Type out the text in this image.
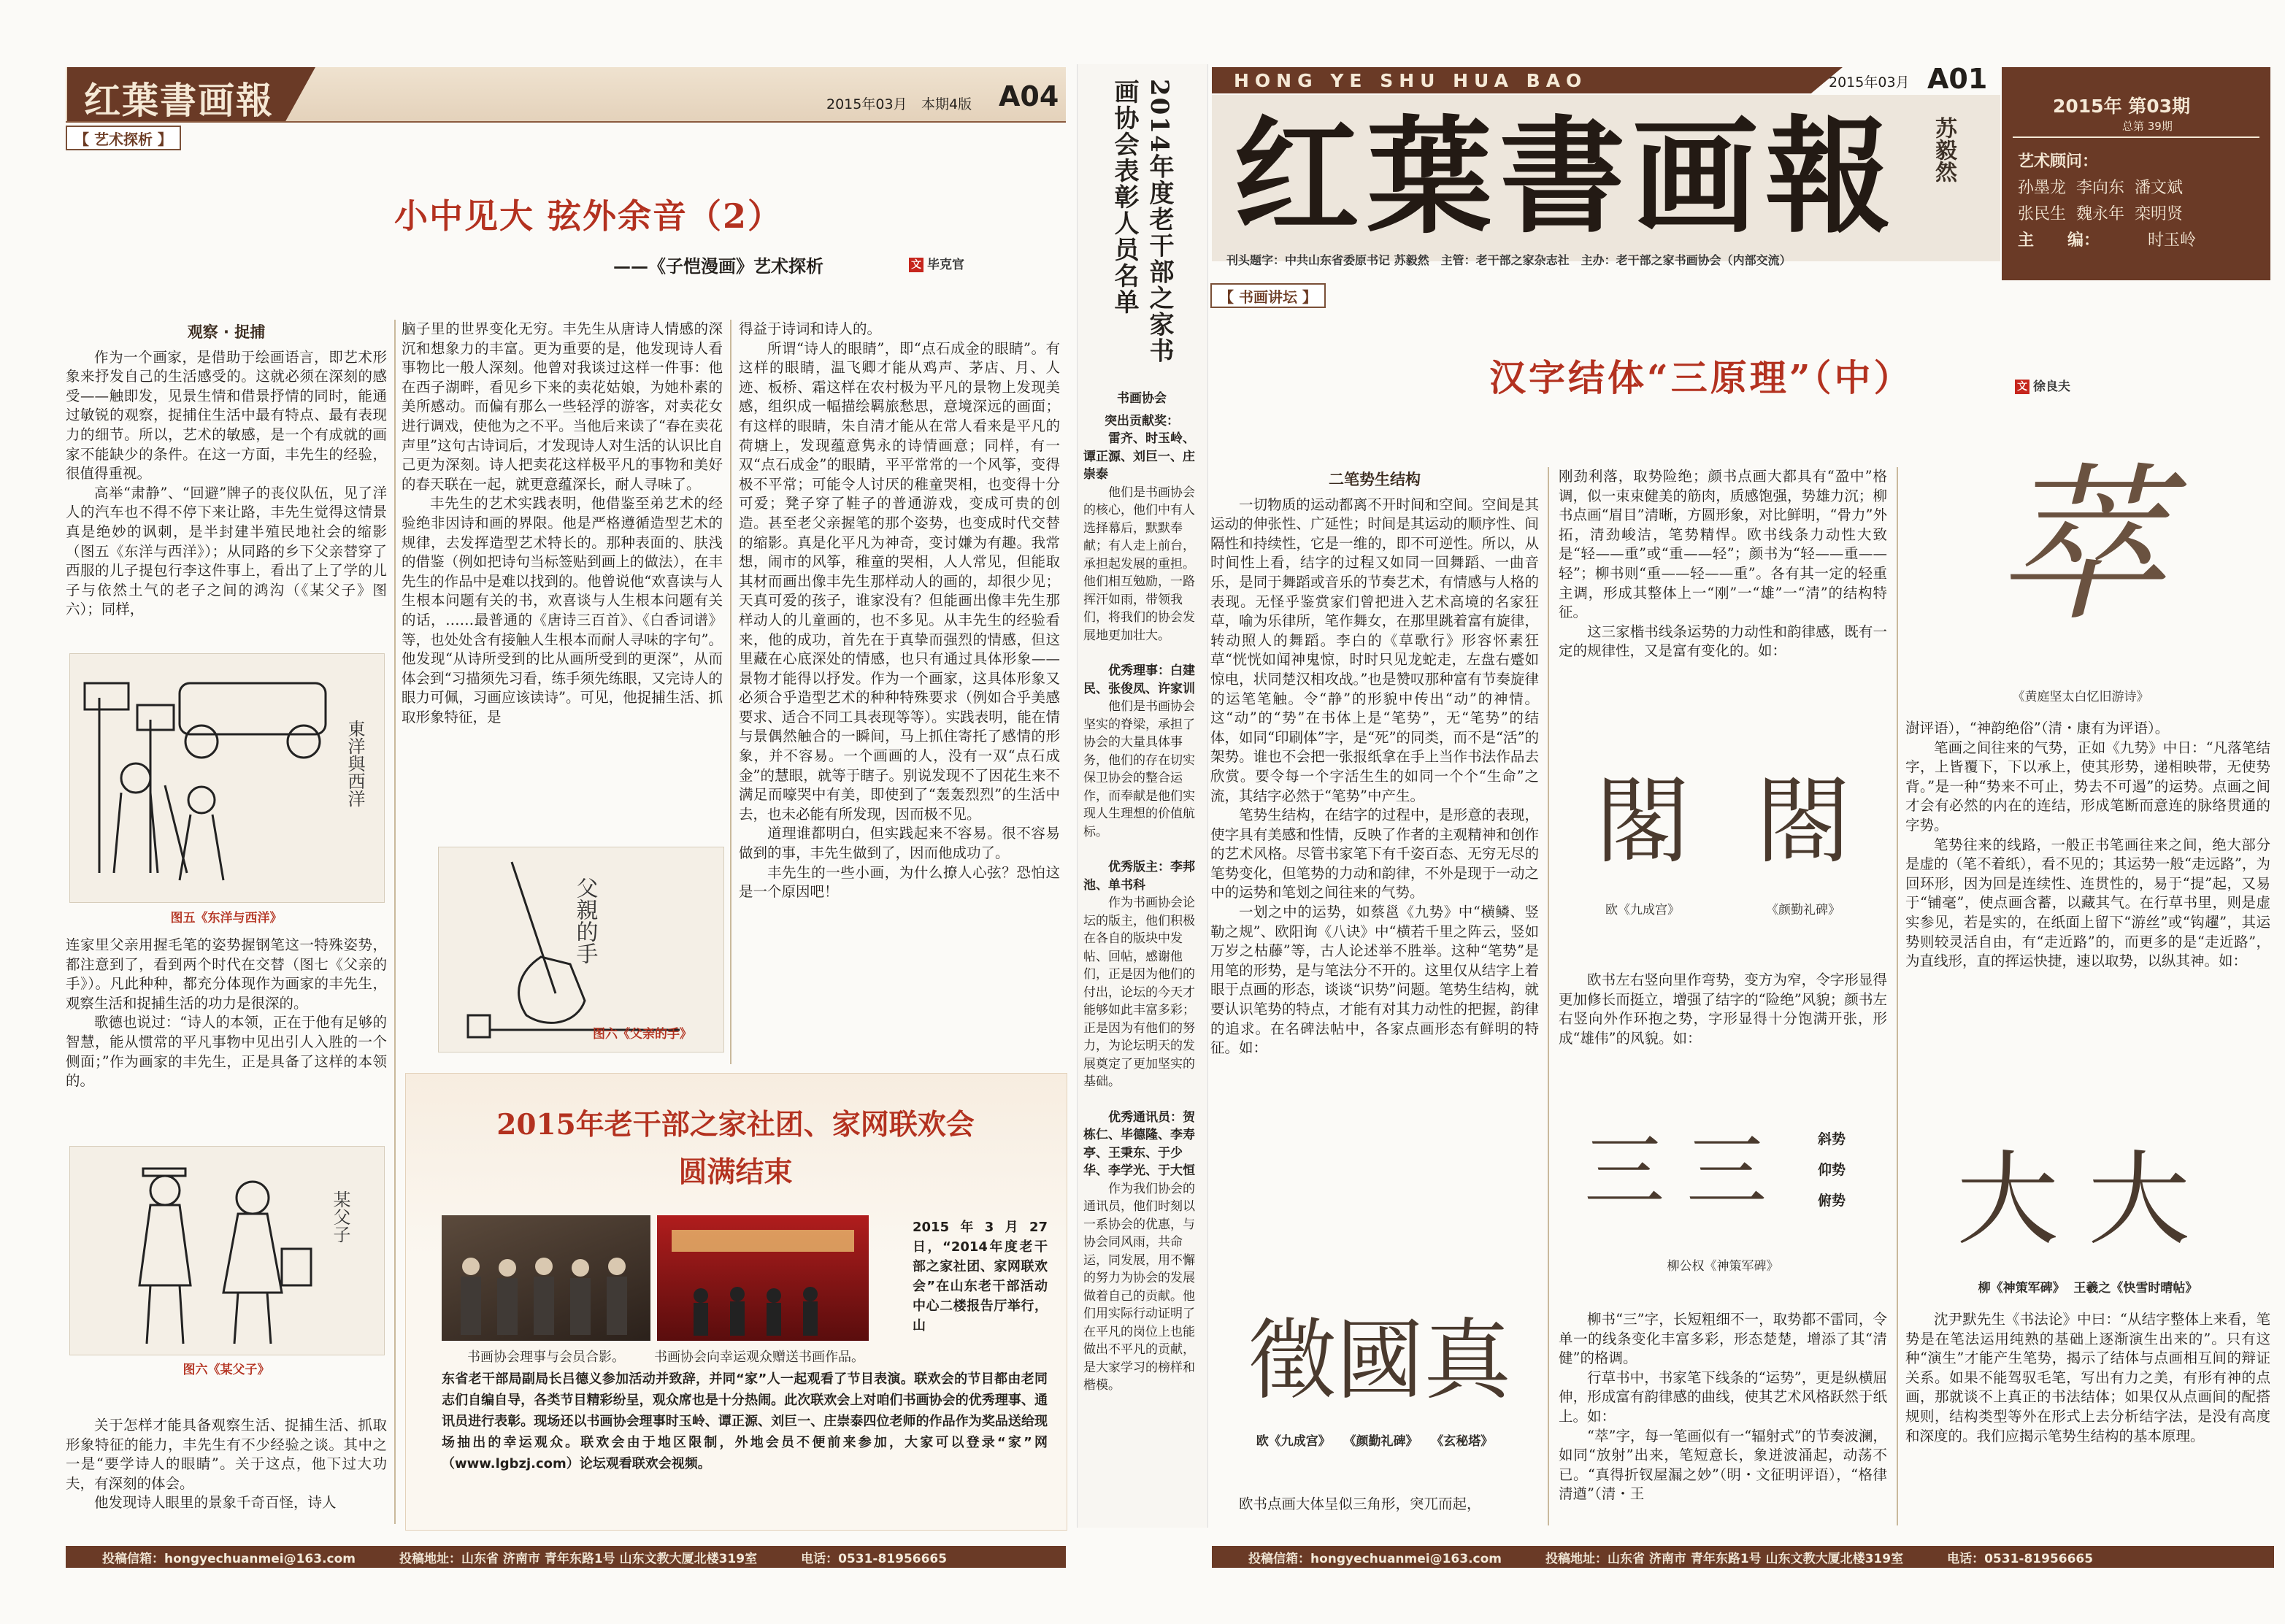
红葉書画報	2015年03月 本期4版 A04
【 艺术探析 】
小中见大 弦外余音（2）
——《子恺漫画》艺术探析	文 毕克官
观察 · 捉捕

作为一个画家，是借助于绘画语言，即艺术形象来抒发自己的生活感受的。这就必须在深刻的感受——触即发，见景生情和借景抒情的同时，能通过敏锐的观察，捉捕住生活中最有特点、最有表现力的细节。所以，艺术的敏感，是一个有成就的画家不能缺少的条件。在这一方面，丰先生的经验，很值得重视。

高举“肃静”、“回避”牌子的丧仪队伍，见了洋人的汽车也不得不停下来让路，丰先生觉得这情景真是绝妙的讽刺，是半封建半殖民地社会的缩影（图五《东洋与西洋》）；从同路的乡下父亲替穿了西服的儿子提包行李这件事上，看出了上了学的儿子与依然土气的老子之间的鸿沟（《某父子》图六）；同样，

東洋與西洋
图五《东洋与西洋》

连家里父亲用握毛笔的姿势握钢笔这一特殊姿势，都注意到了，看到两个时代在交替（图七《父亲的手》）。凡此种种，都充分体现作为画家的丰先生，观察生活和捉捕生活的功力是很深的。

歌德也说过：“诗人的本领，正在于他有足够的智慧，能从惯常的平凡事物中见出引人入胜的一个侧面；”作为画家的丰先生，正是具备了这样的本领的。

某父子
图六《某父子》

关于怎样才能具备观察生活、捉捕生活、抓取形象特征的能力，丰先生有不少经验之谈。其中之一是“要学诗人的眼睛”。关于这点，他下过大功夫，有深刻的体会。

他发现诗人眼里的景象千奇百怪，诗人

脑子里的世界变化无穷。丰先生从唐诗人情感的深沉和想象力的丰富。更为重要的是，他发现诗人看事物比一般人深刻。他曾对我谈过这样一件事：他在西子湖畔，看见乡下来的卖花姑娘，为她朴素的美所感动。而偏有那么一些轻浮的游客，对卖花女进行调戏，使他为之不平。当他后来读了“春在卖花声里”这句古诗词后，才发现诗人对生活的认识比自己更为深刻。诗人把卖花这样极平凡的事物和美好的春天联在一起，就更意蕴深长，耐人寻味了。

丰先生的艺术实践表明，他借鉴至弟艺术的经验绝非因诗和画的界限。他是严格遵循造型艺术的规律，去发挥造型艺术特长的。那种表面的、肤浅的借鉴（例如把诗句当标签贴到画上的做法），在丰先生的作品中是难以找到的。他曾说他“欢喜读与人生根本问题有关的书，欢喜谈与人生根本问题有关的话，……最普通的《唐诗三百首》、《白香词谱》等，也处处含有接触人生根本而耐人寻味的字句”。他发现“从诗所受到的比从画所受到的更深”，从而体会到“习描须先习看，练手须先练眼，又完诗人的眼力可佩，习画应该读诗”。可见，他捉捕生活、抓取形象特征，是

父親的手
图六《父亲的手》

得益于诗词和诗人的。

所谓“诗人的眼睛”，即“点石成金的眼睛”。有这样的眼睛，温飞卿才能从鸡声、茅店、月、人迹、板桥、霜这样在农村极为平凡的景物上发现美感，组织成一幅描绘羁旅愁思，意境深远的画面；有这样的眼睛，朱自清才能从在常人看来是平凡的荷塘上，发现蕴意隽永的诗情画意；同样，有一双“点石成金”的眼睛，平平常常的一个风筝，变得极不平常；可能令人讨厌的稚童哭相，也变得十分可爱；凳子穿了鞋子的普通游戏，变成可贵的创造。甚至老父亲握笔的那个姿势，也变成时代交替的缩影。真是化平凡为神奇，变讨嫌为有趣。我常想，闹市的风筝，稚童的哭相，人人常见，但能取其材而画出像丰先生那样动人的画的，却很少见；天真可爱的孩子，谁家没有？但能画出像丰先生那样动人的儿童画的，也不多见。从丰先生的经验看来，他的成功，首先在于真挚而强烈的情感，但这里藏在心底深处的情感，也只有通过具体形象——景物才能得以抒发。作为一个画家，这具体形象又必须合乎造型艺术的种种特殊要求（例如合乎美感要求、适合不同工具表现等等）。实践表明，能在情与景偶然触合的一瞬间，马上抓住寄托了感情的形象，并不容易。一个画画的人，没有一双“点石成金”的慧眼，就等于瞎子。别说发现不了因花生来不满足而嚎哭中有美，即使到了“轰轰烈烈”的生活中去，也未必能有所发现，因而极不见。

道理谁都明白，但实践起来不容易。很不容易做到的事，丰先生做到了，因而他成功了。

丰先生的一些小画，为什么撩人心弦？恐怕这是一个原因吧！

2015年老干部之家社团、家网联欢会
圆满结束
书画协会理事与会员合影。	书画协会向幸运观众赠送书画作品。
2015年3月27日，“2014年度老干部之家社团、家网联欢会”在山东老干部活动中心二楼报告厅举行，山
东省老干部局副局长吕德义参加活动并致辞，并同“家”人一起观看了节目表演。联欢会的节目都由老同志们自编自导，各类节目精彩纷呈，观众席也是十分热闹。此次联欢会上对咱们书画协会的优秀理事、通讯员进行表彰。现场还以书画协会理事时玉岭、谭正源、刘巨一、庄崇泰四位老师的作品作为奖品送给现场抽出的幸运观众。联欢会由于地区限制，外地会员不便前来参加，大家可以登录“家”网（www.lgbzj.com）论坛观看联欢会视频。
投稿信箱：hongyechuanmei@163.com	投稿地址：山东省 济南市 青年东路1号 山东文教大厦北楼319室	电话：0531-81956665
2014年度老干部之家书画协会表彰人员名单
书画协会
突出贡献奖：
雷齐、时玉岭、谭正源、刘巨一、庄崇泰
他们是书画协会的核心，他们中有人选择幕后，默默奉献；有人走上前台，承担起发展的重担。他们相互勉励，一路挥汗如雨，带领我们，将我们的协会发展地更加壮大。
优秀理事：白建民、张俊凤、许家训
他们是书画协会坚实的脊梁，承担了协会的大量具体事务，他们的存在切实保卫协会的整合运作，而奉献是他们实现人生理想的价值航标。
优秀版主：李邦池、单书科
作为书画协会论坛的版主，他们积极在各自的版块中发帖、回帖，感谢他们，正是因为他们的付出，论坛的今天才能够如此丰富多彩；正是因为有他们的努力，为论坛明天的发展奠定了更加坚实的基础。
优秀通讯员：贺栋仁、毕德隆、李寿亭、王秉东、于少华、李学光、于大恒
作为我们协会的通讯员，他们时刻以一系协会的优惠，与协会同风雨，共命运，同发展，用不懈的努力为协会的发展做着自己的贡献。他们用实际行动证明了在平凡的岗位上也能做出不平凡的贡献，是大家学习的榜样和楷模。
HONG YE SHU HUA BAO	2015年03月 A01
红葉書画報 苏毅然
刊头题字：中共山东省委原书记 苏毅然 主管：老干部之家杂志社 主办：老干部之家书画协会（内部交流）
2015年 第03期
总第 39期
艺术顾问：
孙墨龙  李向东  潘文斌
张民生  魏永年  栾明贤
主      编：	时玉岭
【 书画讲坛 】
汉字结体“三原理”（中）	文 徐良夫
二笔势生结构

一切物质的运动都离不开时间和空间。空间是其运动的伸张性、广延性；时间是其运动的顺序性、间隔性和持续性，它是一维的，即不可逆性。所以，从时间性上看，结字的过程又如同一回舞蹈、一曲音乐，是同于舞蹈或音乐的节奏艺术，有情感与人格的表现。无怪乎鉴赏家们曾把进入艺术高境的名家狂草，喻为乐律所，笔作舞女，在那里跳着富有旋律，转动照人的舞蹈。李白的《草歌行》形容怀素狂草“恍恍如闻神鬼惊，时时只见龙蛇走，左盘右蹙如惊电，状同楚汉相攻战。”也是赞叹那种富有节奏旋律的运笔笔触。令“静”的形貌中传出“动”的神情。这“动”的“势”在书体上是“笔势”，无“笔势”的结体，如同“印刷体”字，是“死”的同类，而不是“活”的架势。谁也不会把一张报纸拿在手上当作书法作品去欣赏。要令每一个字活生生的如同一个个“生命”之流，其结字必然于“笔势”中产生。

笔势生结构，在结字的过程中，是形意的表现，使字具有美感和性情，反映了作者的主观精神和创作的艺术风格。尽管书家笔下有千姿百态、无穷无尽的笔势变化，但笔势的力动和韵律，不外是现于一动之中的运势和笔划之间往来的气势。

一划之中的运势，如蔡邕《九势》中“横鳞、竖勒之规”、欧阳询《八诀》中“横若千里之阵云，竖如万岁之枯藤”等，古人论述举不胜举。这种“笔势”是用笔的形势，是与笔法分不开的。这里仅从结字上着眼于点画的形态，谈谈“识势”问题。笔势生结构，就要认识笔势的特点，才能有对其力动性的把握，韵律的追求。在名碑法帖中，各家点画形态有鲜明的特征。如：

徵國真
欧《九成宫》   《颜勤礼碑》   《玄秘塔》

欧书点画大体呈似三角形，突兀而起，

刚劲利落，取势险绝；颜书点画大都具有“盈中”格调，似一束束健美的筋肉，质感饱强，势雄力沉；柳书点画“眉目”清晰，方圆形象，对比鲜明，“骨力”外拓，清劲峻洁，笔势精悍。欧书线条力动性大致是“轻——重”或“重——轻”；颜书为“轻——重——轻”；柳书则“重——轻——重”。各有其一定的轻重主调，形成其整体上一“刚”一“雄”一“清”的结构特征。

这三家楷书线条运势的力动性和韵律感，既有一定的规律性，又是富有变化的。如：

閣 閤
欧《九成宫》	《颜勤礼碑》

欧书左右竖向里作弯势，变方为窄，令字形显得更加修长而挺立，增强了结字的“险绝”风貌；颜书左右竖向外作环抱之势，字形显得十分饱满开张，形成“雄伟”的风貌。如：

三三	斜势
仰势
俯势
柳公权《神策军碑》

柳书“三”字，长短粗细不一，取势都不雷同，令单一的线条变化丰富多彩，形态楚楚，增添了其“清健”的格调。

行草书中，书家笔下线条的“运势”，更是纵横屈伸，形成富有韵律感的曲线，使其艺术风格跃然于纸上。如：

“萃”字，每一笔画似有一“辐射式”的节奏波澜，如同“放射”出来，笔短意长，象迸波涌起，动荡不已。“真得折钗屋漏之妙”（明・文征明评语），“格律清遒”（清・王

萃
《黄庭坚太白忆旧游诗》

澍评语），“神韵绝俗”（清・康有为评语）。

笔画之间往来的气势，正如《九势》中日：“凡落笔结字，上皆覆下，下以承上，使其形势，递相映带，无使势背。”是一种“势来不可止，势去不可遏”的运势。点画之间才会有必然的内在的连结，形成笔断而意连的脉络贯通的字势。

笔势往来的线路，一般正书笔画往来之间，绝大部分是虚的（笔不着纸），看不见的；其运势一般“走远路”，为回环形，因为回是连续性、连贯性的，易于“提”起，又易于“铺毫”，使点画含蓄，以藏其气。在行草书里，则是虚实参见，若是实的，在纸面上留下“游丝”或“钩趯”，其运势则较灵活自由，有“走近路”的，而更多的是“走近路”，为直线形，直的挥运快捷，速以取势，以纵其神。如：

大大
柳《神策军碑》  王羲之《快雪时晴帖》

沈尹默先生《书法论》中曰：“从结字整体上来看，笔势是在笔法运用纯熟的基础上逐渐演生出来的”。只有这种“演生”才能产生笔势，揭示了结体与点画相互间的辩证关系。如果不能驾驭毛笔，写出有力之美，有形有神的点画，那就谈不上真正的书法结体；如果仅从点画间的配搭规则，结构类型等外在形式上去分析结字法，是没有高度和深度的。我们应揭示笔势生结构的基本原理。

投稿信箱：hongyechuanmei@163.com	投稿地址：山东省 济南市 青年东路1号 山东文教大厦北楼319室	电话：0531-81956665
